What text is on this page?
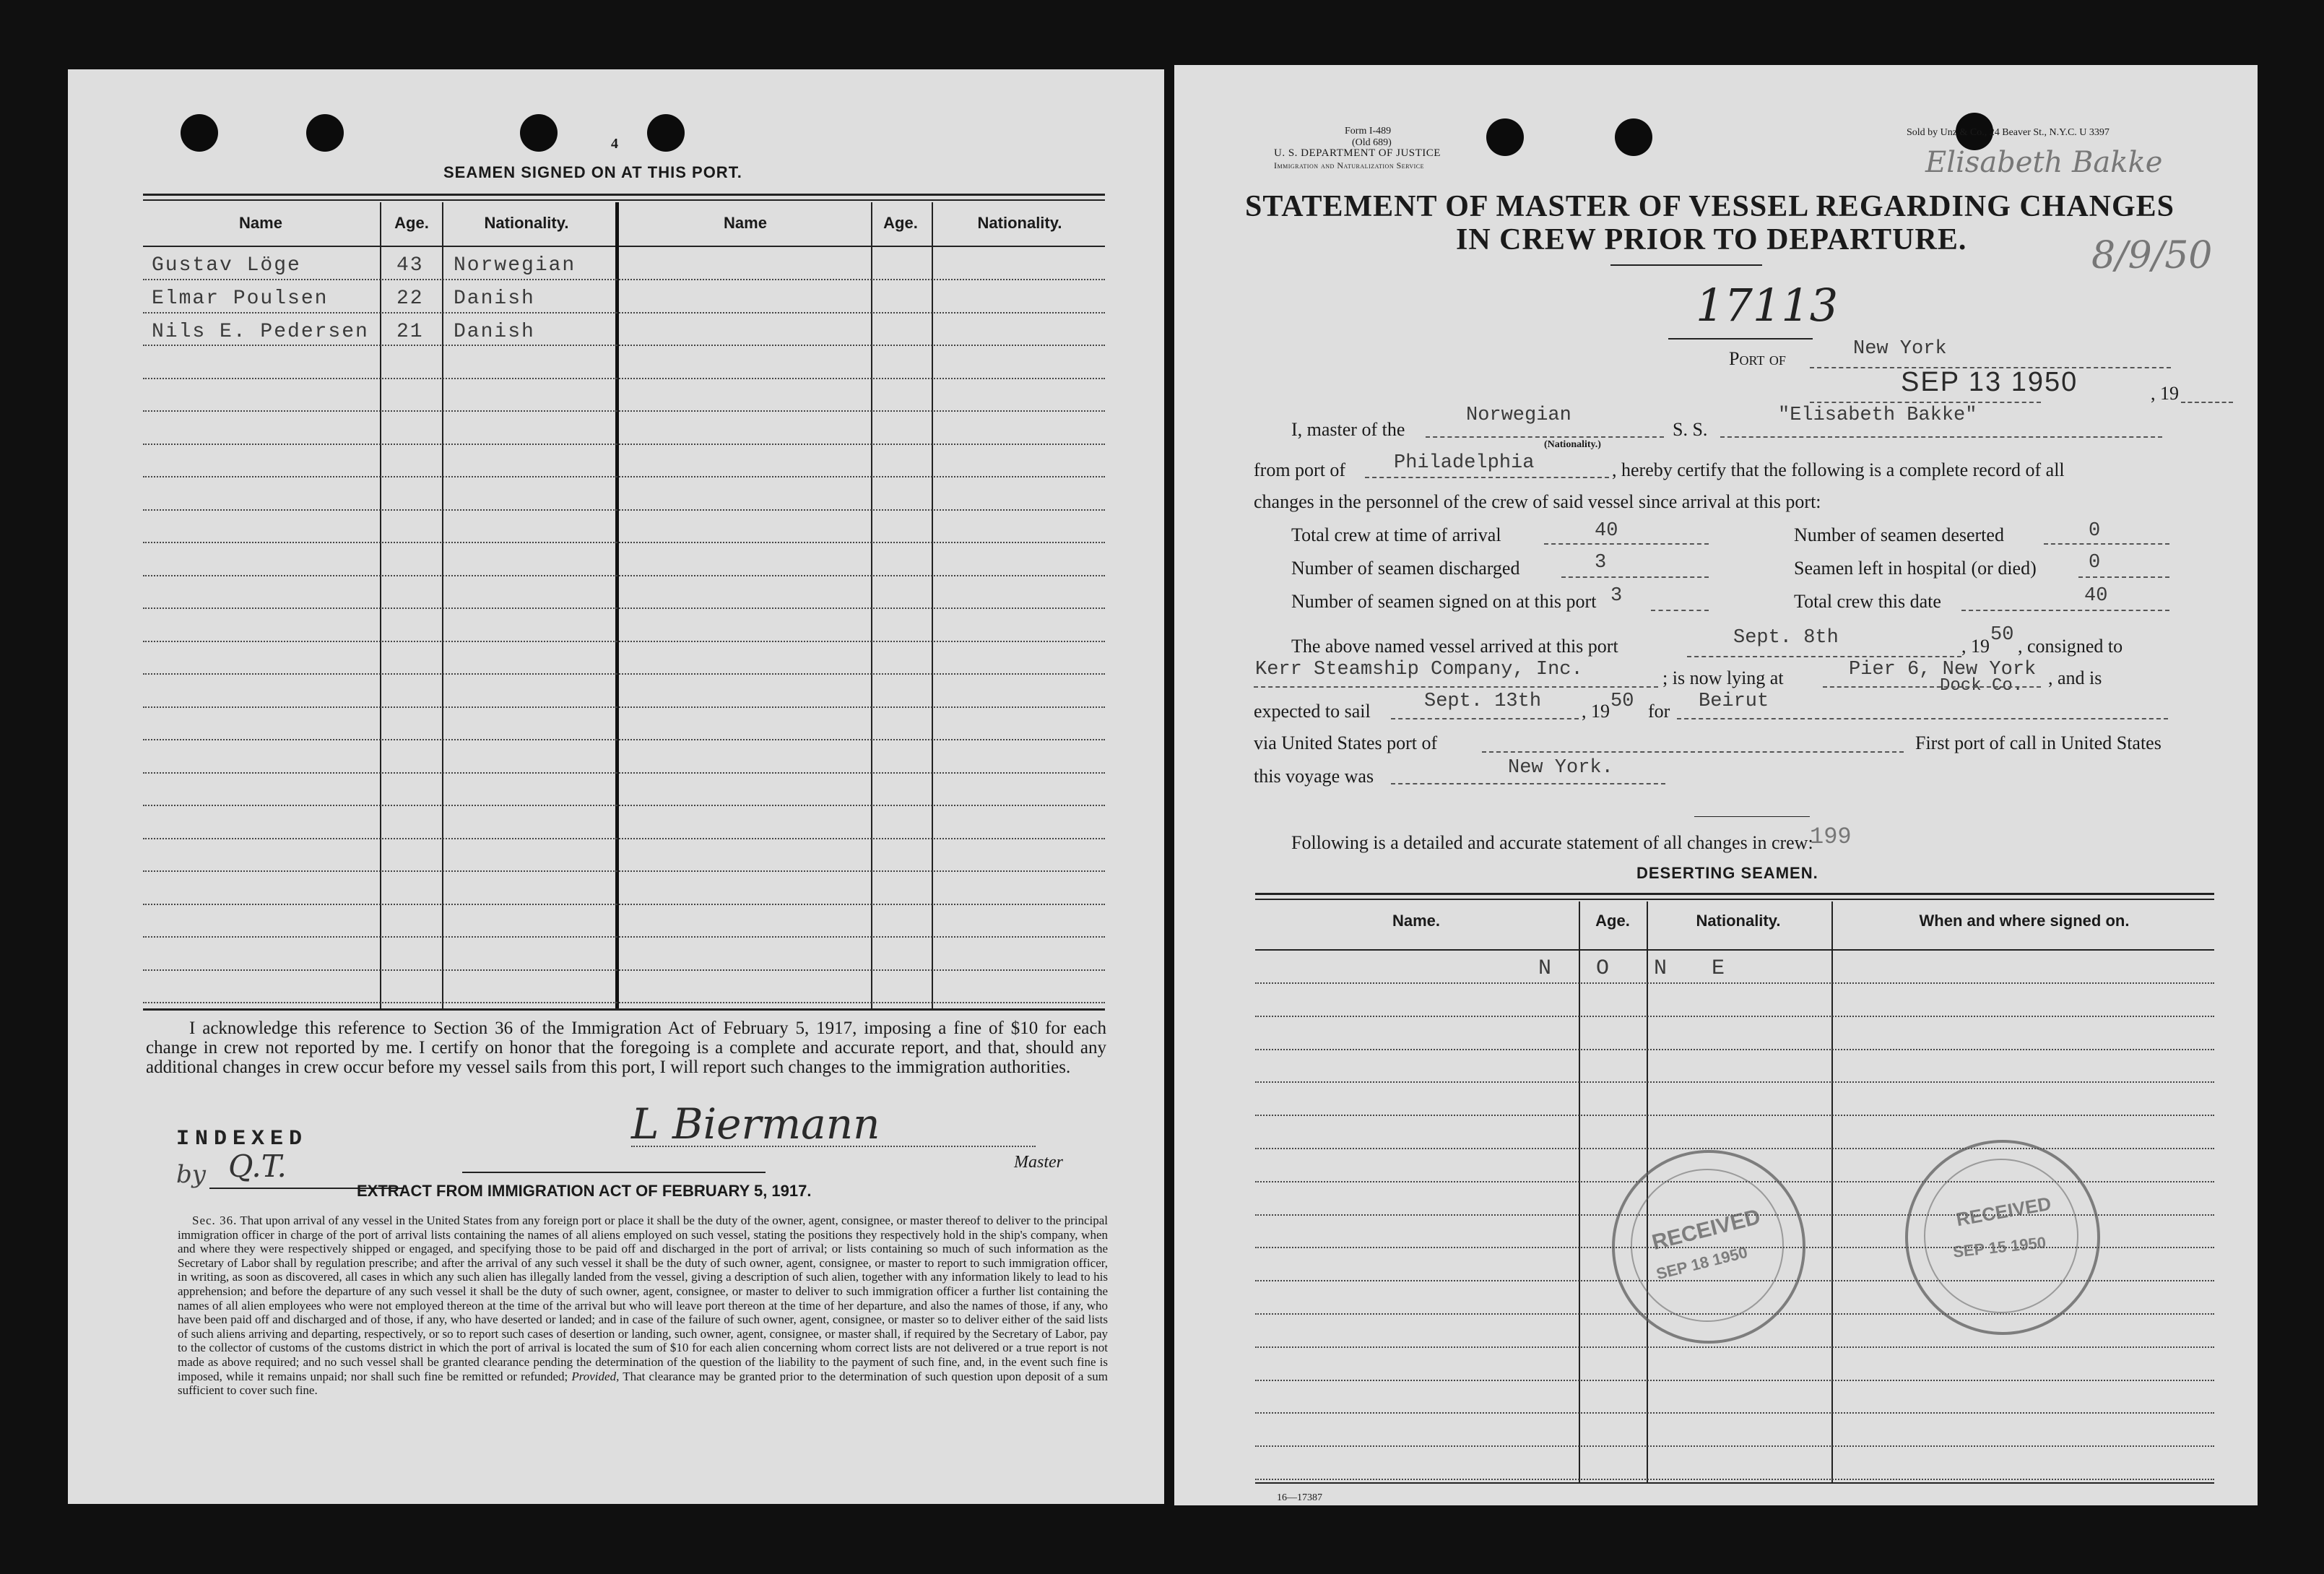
4
SEAMEN SIGNED ON AT THIS PORT.
Name	Age.	Nationality.	Name	Age.	Nationality.
Gustav Löge	43 Norwegian
Elmar Poulsen	22 Danish
Nils E. Pedersen 21 Danish
I acknowledge this reference to Section 36 of the Immigration Act of February 5, 1917, imposing a fine of $10 for each change in crew not reported by me. I certify on honor that the foregoing is a complete and accurate report, and that, should any additional changes in crew occur before my vessel sails from this port, I will report such changes to the immigration authorities.
INDEXED
by Q.T.
L Biermann
Master
EXTRACT FROM IMMIGRATION ACT OF FEBRUARY 5, 1917.
Sec. 36. That upon arrival of any vessel in the United States from any foreign port or place it shall be the duty of the owner, agent, consignee, or master thereof to deliver to the principal immigration officer in charge of the port of arrival lists containing the names of all aliens employed on such vessel, stating the positions they respectively hold in the ship's company, when and where they were respectively shipped or engaged, and specifying those to be paid off and discharged in the port of arrival; or lists containing so much of such information as the Secretary of Labor shall by regulation prescribe; and after the arrival of any such vessel it shall be the duty of such owner, agent, consignee, or master to report to such immigration officer, in writing, as soon as discovered, all cases in which any such alien has illegally landed from the vessel, giving a description of such alien, together with any information likely to lead to his apprehension; and before the departure of any such vessel it shall be the duty of such owner, agent, consignee, or master to deliver to such immigration officer a further list containing the names of all alien employees who were not employed thereon at the time of the arrival but who will leave port thereon at the time of her departure, and also the names of those, if any, who have been paid off and discharged and of those, if any, who have deserted or landed; and in case of the failure of such owner, agent, consignee, or master so to deliver either of the said lists of such aliens arriving and departing, respectively, or so to report such cases of desertion or landing, such owner, agent, consignee, or master shall, if required by the Secretary of Labor, pay to the collector of customs of the customs district in which the port of arrival is located the sum of $10 for each alien concerning whom correct lists are not delivered or a true report is not made as above required; and no such vessel shall be granted clearance pending the determination of the question of the liability to the payment of such fine, and, in the event such fine is imposed, while it remains unpaid; nor shall such fine be remitted or refunded; Provided, That clearance may be granted prior to the determination of such question upon deposit of a sum sufficient to cover such fine.
Form I-489
(Old 689)
U. S. DEPARTMENT OF JUSTICE
Immigration and Naturalization Service
Sold by Unz & Co., 24 Beaver St., N.Y.C. U 3397
Elisabeth Bakke
8/9/50
STATEMENT OF MASTER OF VESSEL REGARDING CHANGES
IN CREW PRIOR TO DEPARTURE.
17113
Port of	New York
SEP 13 1950	, 19
I, master of the
Norwegian
(Nationality.)
S. S.
"Elisabeth Bakke"
from port of Philadelphia	, hereby certify that the following is a complete record of all
changes in the personnel of the crew of said vessel since arrival at this port:
Total crew at time of arrival	40	Number of seamen deserted	0
Number of seamen discharged	3	Seamen left in hospital (or died)	0
Number of seamen signed on at this port 3	Total crew this date	40
The above named vessel arrived at this port	Sept. 8th	, 19
50
, consigned to
Kerr Steamship Company, Inc.	; is now lying at	Pier 6, New York
Dock Co. , and is
expected to sail	Sept. 13th , 19 50 for Beirut
via United States port of	First port of call in United States
this voyage was	New York.
Following is a detailed and accurate statement of all changes in crew:
199
DESERTING SEAMEN.
Name.	Age.	Nationality.	When and where signed on.
N O N E
RECEIVED
SEP 18 1950
RECEIVED
SEP 15 1950
16—17387
